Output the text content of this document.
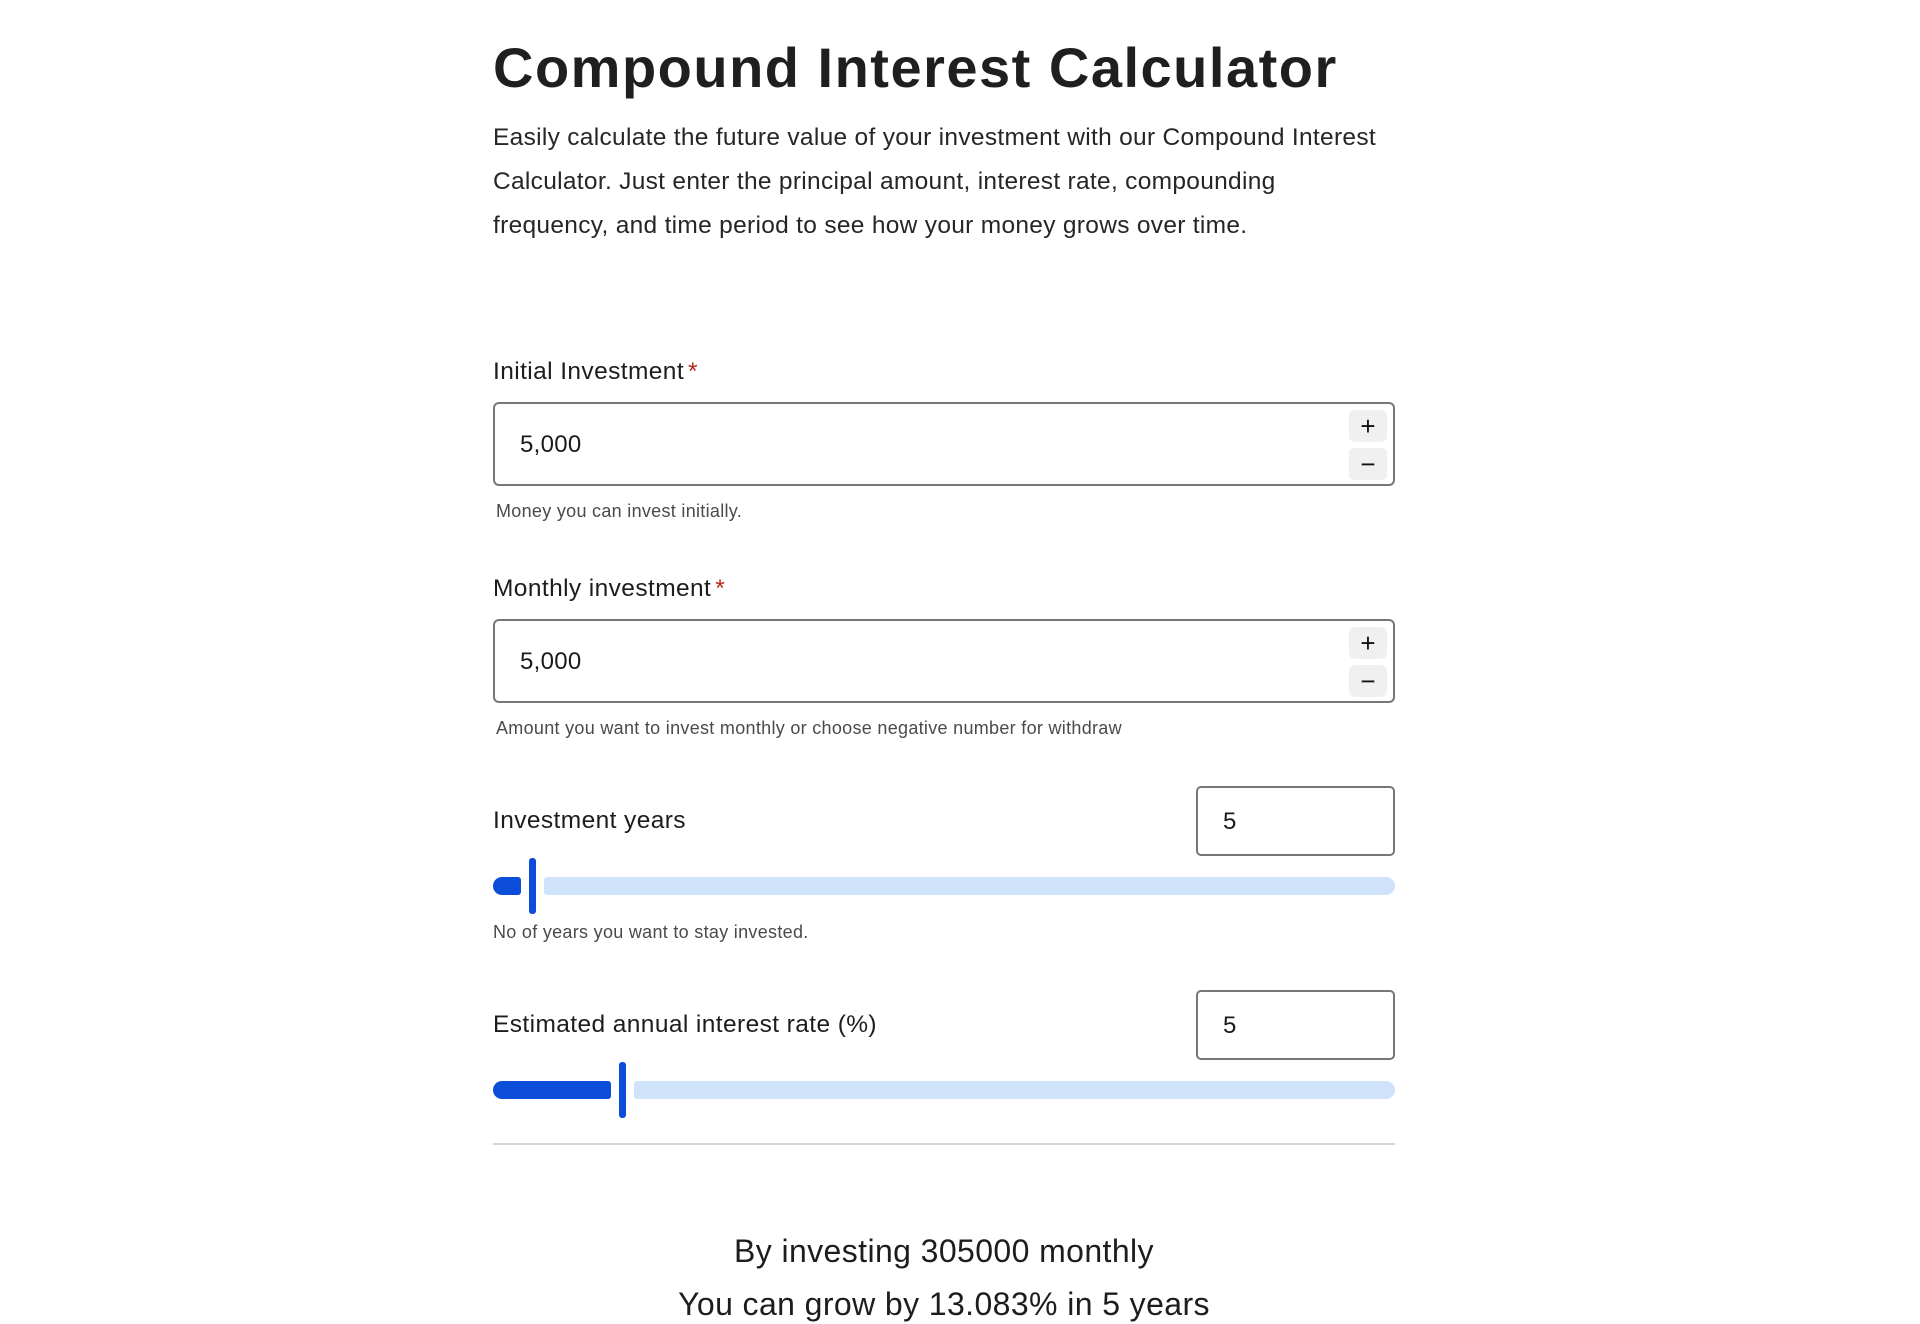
Compound Interest Calculator

Easily calculate the future value of your investment with our Compound Interest Calculator. Just enter the principal amount, interest rate, compounding frequency, and time period to see how your money grows over time.

Initial Investment *
5,000
+
−
Money you can invest initially.
Monthly investment *
5,000
+
−
Amount you want to invest monthly or choose negative number for withdraw
Investment years	5
No of years you want to stay invested.
Estimated annual interest rate (%)	5
By investing 305000 monthly
You can grow by 13.083% in 5 years
